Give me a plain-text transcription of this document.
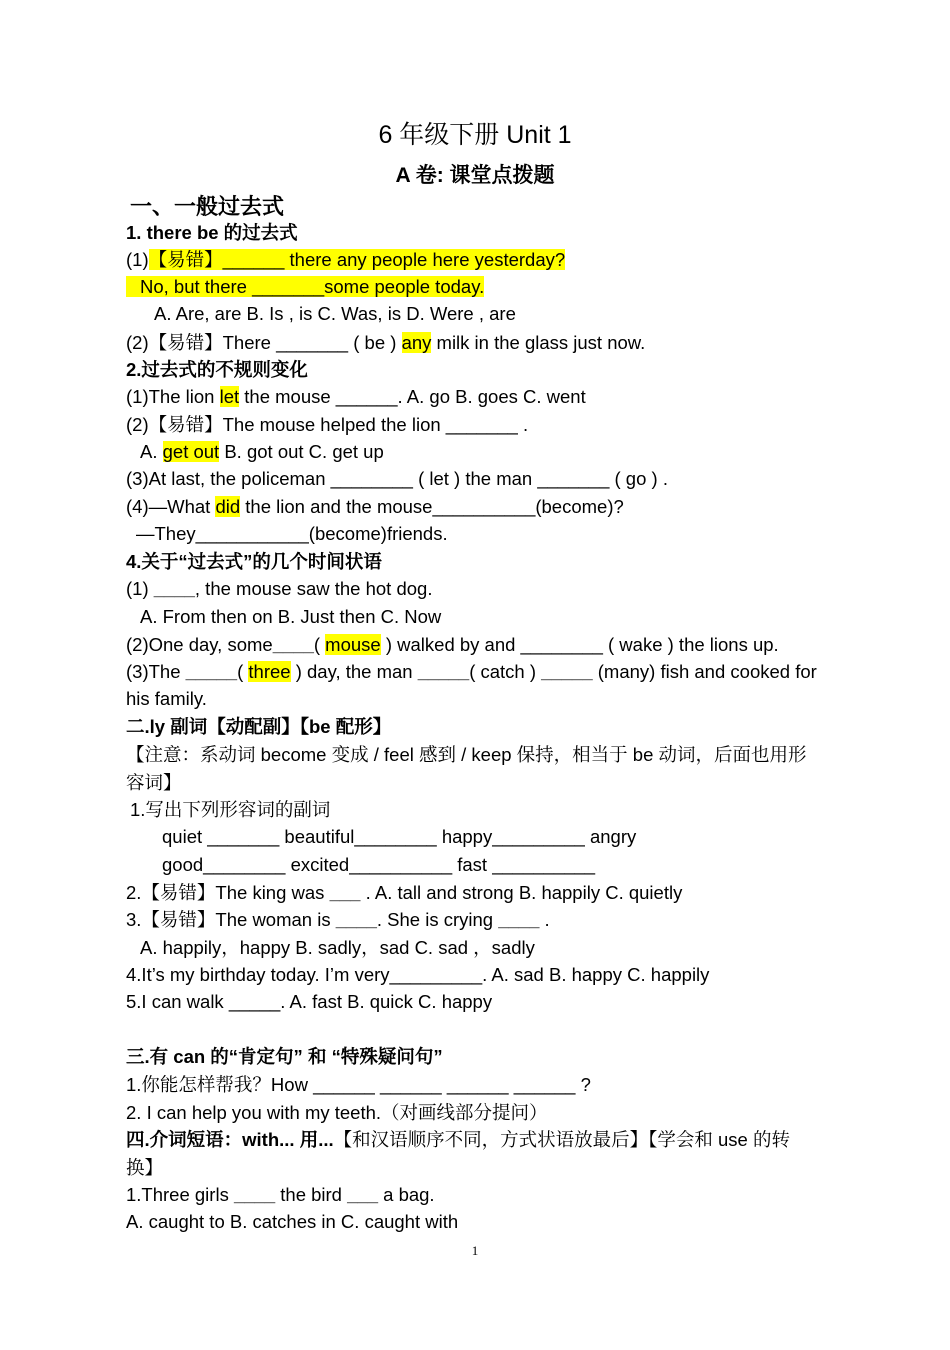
6 年级下册 Unit 1
A 卷: 课堂点拨题
一、一般过去式
1. there be 的过去式
(1)【易错】______ there any people here yesterday?
No, but there _______some people today.
A. Are, are B. Is , is C. Was, is D. Were , are
(2)【易错】There _______ ( be ) any milk in the glass just now.
2.过去式的不规则变化
(1)The lion let the mouse ______. A. go B. goes C. went
(2)【易错】The mouse helped the lion _______ .
A. get out B. got out C. get up
(3)At last, the policeman ________ ( let ) the man _______ ( go ) .
(4)—What did the lion and the mouse__________(become)?
—They___________(become)friends.
4.关于“过去式”的几个时间状语
(1) ____, the mouse saw the hot dog.
A. From then on B. Just then C. Now
(2)One day, some____( mouse ) walked by and ________ ( wake ) the lions up.
(3)The _____( three ) day, the man _____( catch ) _____ (many) fish and cooked for
his family.
二.ly 副词【动配副】【be 配形】
【注意：系动词 become 变成 / feel 感到 / keep 保持，相当于 be 动词，后面也用形
容词】
1.写出下列形容词的副词
quiet _______ beautiful________ happy_________ angry
good________ excited__________ fast __________
2.【易错】The king was ___ . A. tall and strong B. happily C. quietly
3.【易错】The woman is ____. She is crying ____ .
A. happily，happy B. sadly，sad C. sad ，sadly
4.It’s my birthday today. I’m very_________. A. sad B. happy C. happily
5.I can walk _____. A. fast B. quick C. happy
三.有 can 的“肯定句” 和 “特殊疑问句”
1.你能怎样帮我？How ______ ______ ______ ______ ?
2. I can help you with my teeth.（对画线部分提问）
四.介词短语：with... 用...【和汉语顺序不同，方式状语放最后】【学会和 use 的转
换】
1.Three girls ____ the bird ___ a bag.
A. caught to B. catches in C. caught with
1
